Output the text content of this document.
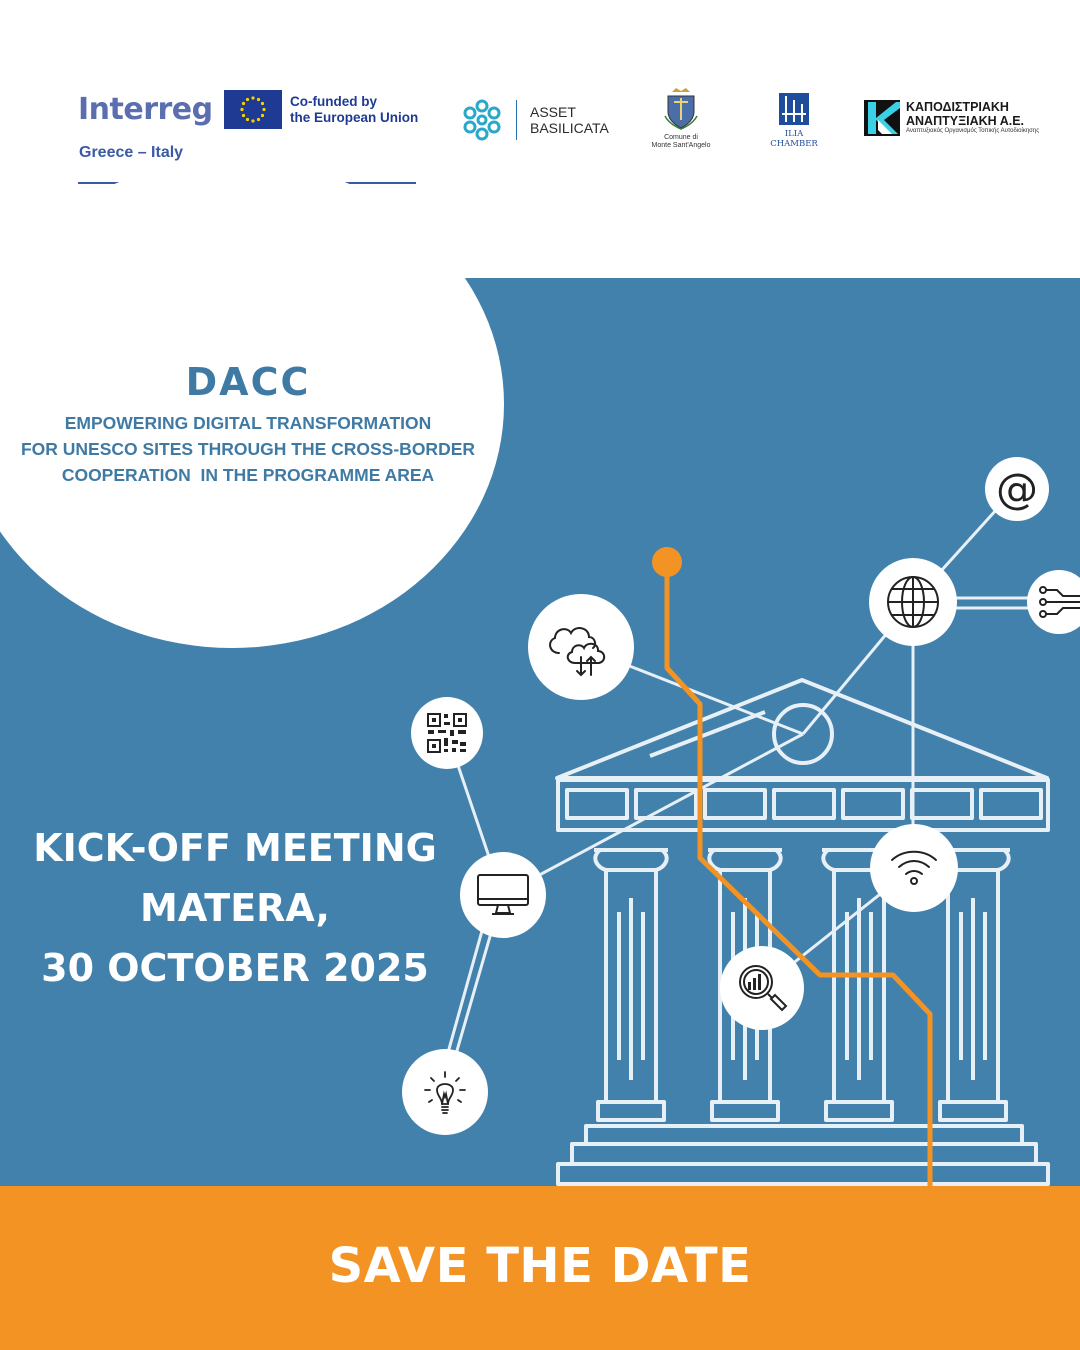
Interreg	Co-funded by
the European Union
Greece – Italy
ASSET
BASILICATA
Comune di
Monte Sant'Angelo
ILIA
CHAMBER
ΚΑΠΟΔΙΣΤΡΙΑΚΗ
ΑΝΑΠΤΥΞΙΑΚΗ Α.Ε.
Αναπτυξιακός Οργανισμός Τοπικής Αυτοδιοίκησης
DACC
EMPOWERING DIGITAL TRANSFORMATION
FOR UNESCO SITES THROUGH THE CROSS-BORDER
COOPERATION  IN THE PROGRAMME AREA
KICK-OFF MEETING
MATERA,
30 OCTOBER 2025
@
SAVE THE DATE
